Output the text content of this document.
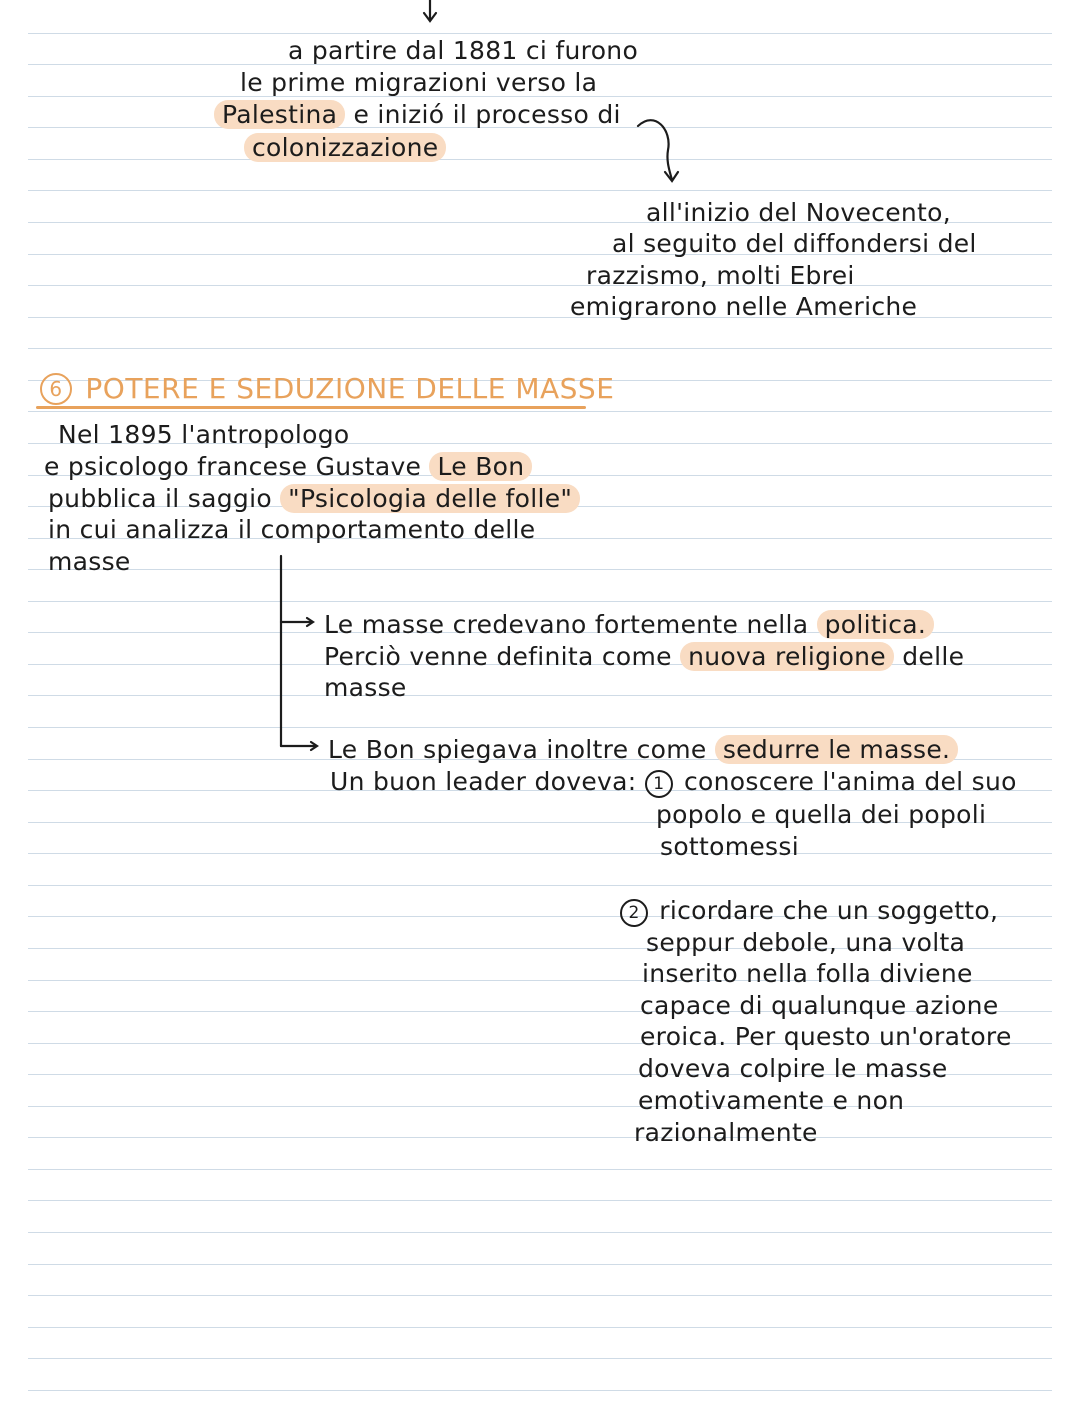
a partire dal 1881 ci furono
le prime migrazioni verso la
Palestina e inizió il processo di
colonizzazione
all'inizio del Novecento,
al seguito del diffondersi del
razzismo, molti Ebrei
emigrarono nelle Americhe
6 POTERE E SEDUZIONE DELLE MASSE
Nel 1895 l'antropologo
e psicologo francese Gustave Le Bon
pubblica il saggio "Psicologia delle folle"
in cui analizza il comportamento delle
masse
Le masse credevano fortemente nella politica.
Perciò venne definita come nuova religione delle
masse
Le Bon spiegava inoltre come sedurre le masse.
Un buon leader doveva: 1 conoscere l'anima del suo
popolo e quella dei popoli
sottomessi
2 ricordare che un soggetto,
seppur debole, una volta
inserito nella folla diviene
capace di qualunque azione
eroica. Per questo un'oratore
doveva colpire le masse
emotivamente e non
razionalmente
